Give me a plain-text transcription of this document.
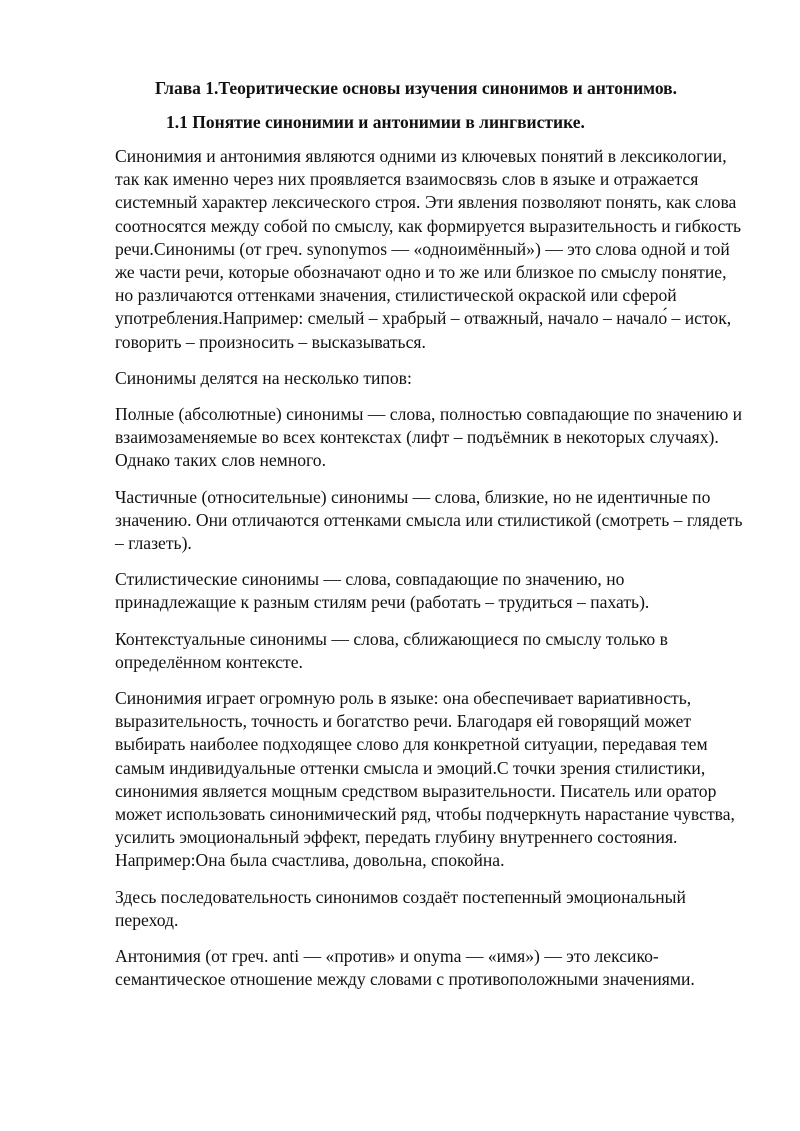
Глава 1.Теоритические основы изучения синонимов и антонимов.
1.1 Понятие синонимии и антонимии в лингвистике.

Синонимия и антонимия являются одними из ключевых понятий в лексикологии, так как именно через них проявляется взаимосвязь слов в языке и отражается системный характер лексического строя. Эти явления позволяют понять, как слова соотносятся между собой по смыслу, как формируется выразительность и гибкость речи.Синонимы (от греч. synonymos — «одноимённый») — это слова одной и той же части речи, которые обозначают одно и то же или близкое по смыслу понятие, но различаются оттенками значения, стилистической окраской или сферой употребления.Например: смелый – храбрый – отважный, начало – начало́ – исток, говорить – произносить – высказываться.

Синонимы делятся на несколько типов:

Полные (абсолютные) синонимы — слова, полностью совпадающие по значению и взаимозаменяемые во всех контекстах (лифт – подъёмник в некоторых случаях). Однако таких слов немного.

Частичные (относительные) синонимы — слова, близкие, но не идентичные по значению. Они отличаются оттенками смысла или стилистикой (смотреть – глядеть – глазеть).

Стилистические синонимы — слова, совпадающие по значению, но принадлежащие к разным стилям речи (работать – трудиться – пахать).

Контекстуальные синонимы — слова, сближающиеся по смыслу только в определённом контексте.

Синонимия играет огромную роль в языке: она обеспечивает вариативность, выразительность, точность и богатство речи. Благодаря ей говорящий может выбирать наиболее подходящее слово для конкретной ситуации, передавая тем самым индивидуальные оттенки смысла и эмоций.С точки зрения стилистики, синонимия является мощным средством выразительности. Писатель или оратор может использовать синонимический ряд, чтобы подчеркнуть нарастание чувства, усилить эмоциональный эффект, передать глубину внутреннего состояния. Например:Она была счастлива, довольна, спокойна.

Здесь последовательность синонимов создаёт постепенный эмоциональный переход.

Антонимия (от греч. anti — «против» и onyma — «имя») — это лексико-семантическое отношение между словами с противоположными значениями.
